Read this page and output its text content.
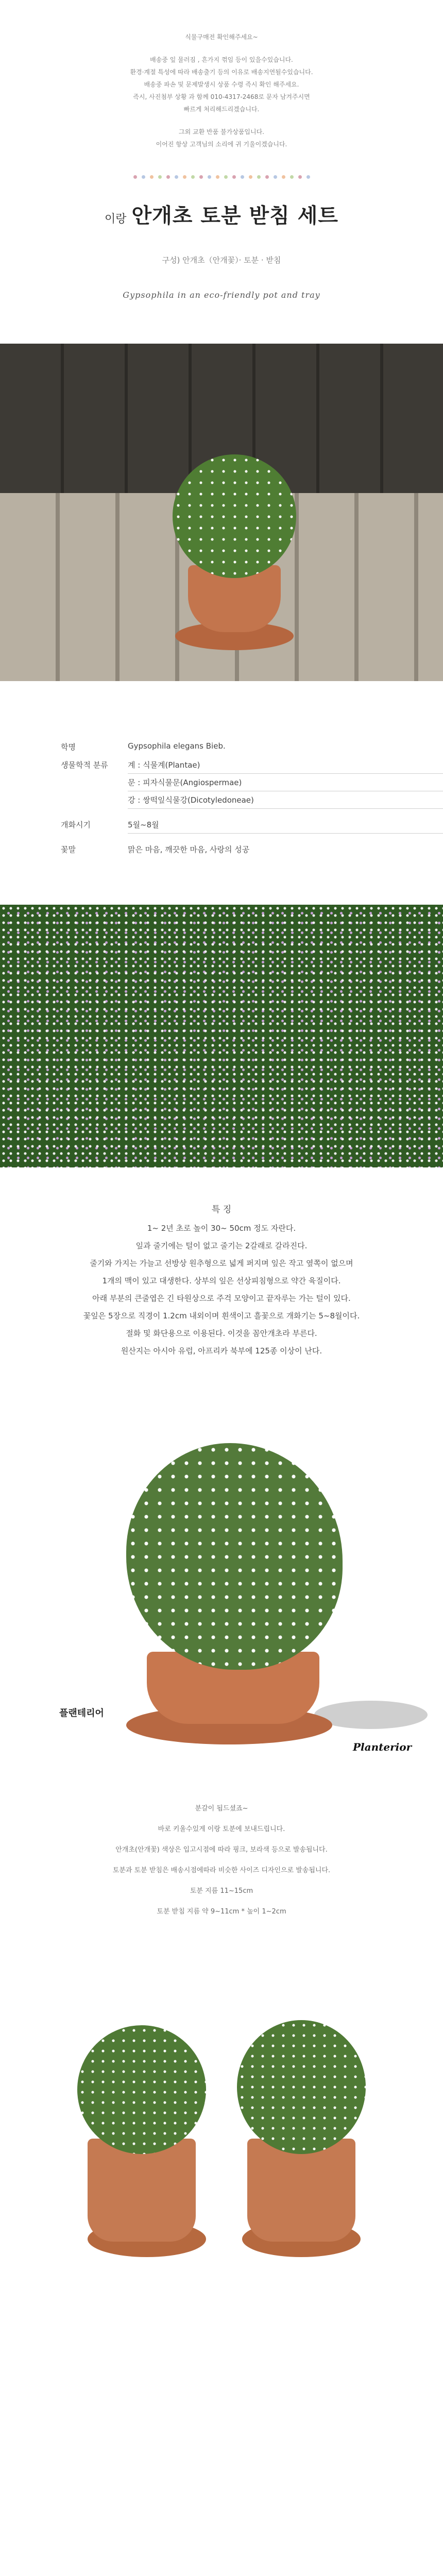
식물구매전 확인해주세요~

배송중 잎 물러짐 , 흔가지 꺾임 등이 있을수있습니다.

환경·계절 특성에 따라 배송출기 등의 이유로 배송지연될수있습니다.

배송중 파손 및 문제발생시 상품 수령 즉시 확인 해주세요.

즉시, 사진첨부 상황 과 함께 010-4317-2468로 문자 남겨주시면

빠르게 처리해드리겠습니다.

그외 교환 반품 불가상품입니다.

이어진 항상 고객님의 소리에 귀 기울이겠습니다.

이랑 안개초 토분 받침 세트
구성) 안개초（안개꽃）· 토분 · 받침
Gypsophila in an eco-friendly pot and tray
학명	Gypsophila elegans Bieb.
생물학적 분류	계 : 식물계(Plantae)
문 : 피자식물문(Angiospermae)
강 : 쌍떡잎식물강(Dicotyledoneae)

개화시기	5월~8월

꽃말	맑은 마음, 깨끗한 마음, 사랑의 성공
특 징

1~ 2년 초로 높이 30~ 50cm 정도 자란다.

잎과 줄기에는 털이 없고 줄기는 2갈래로 갈라진다.

줄기와 가지는 가늘고 선방상 원추형으로 넓게 퍼지며 잎은 작고 옆쪽이 없으며

1개의 맥이 있고 대생한다. 상부의 잎은 선상피침형으로 약간 육질이다.

아래 부분의 큰줄엽은 긴 타원상으로 주걱 모양이고 끝자루는 가는 털이 있다.

꽃잎은 5장으로 직경이 1.2cm 내외이며 흰색이고 흘꽃으로 개화기는 5~8월이다.

절화 및 화단용으로 이용된다. 이것을 꼼안개초라 부른다.

원산지는 아시아 유럽, 아프리카 북부에 125종 이상이 난다.

플랜테리어
Planterior

분갈이 됩드셨죠~

바로 키울수있게 이랑 토분에 보내드립니다.

안개초(안개꽃) 색상은 입고시점에 따라 핑크, 보라색 등으로 발송됩니다.

토분과 토분 받침은 배송시점에따라 비슷한 사이즈 디자인으로 발송됩니다.

토분 지름 11~15cm

토분 받침 지름 약 9~11cm * 높이 1~2cm
